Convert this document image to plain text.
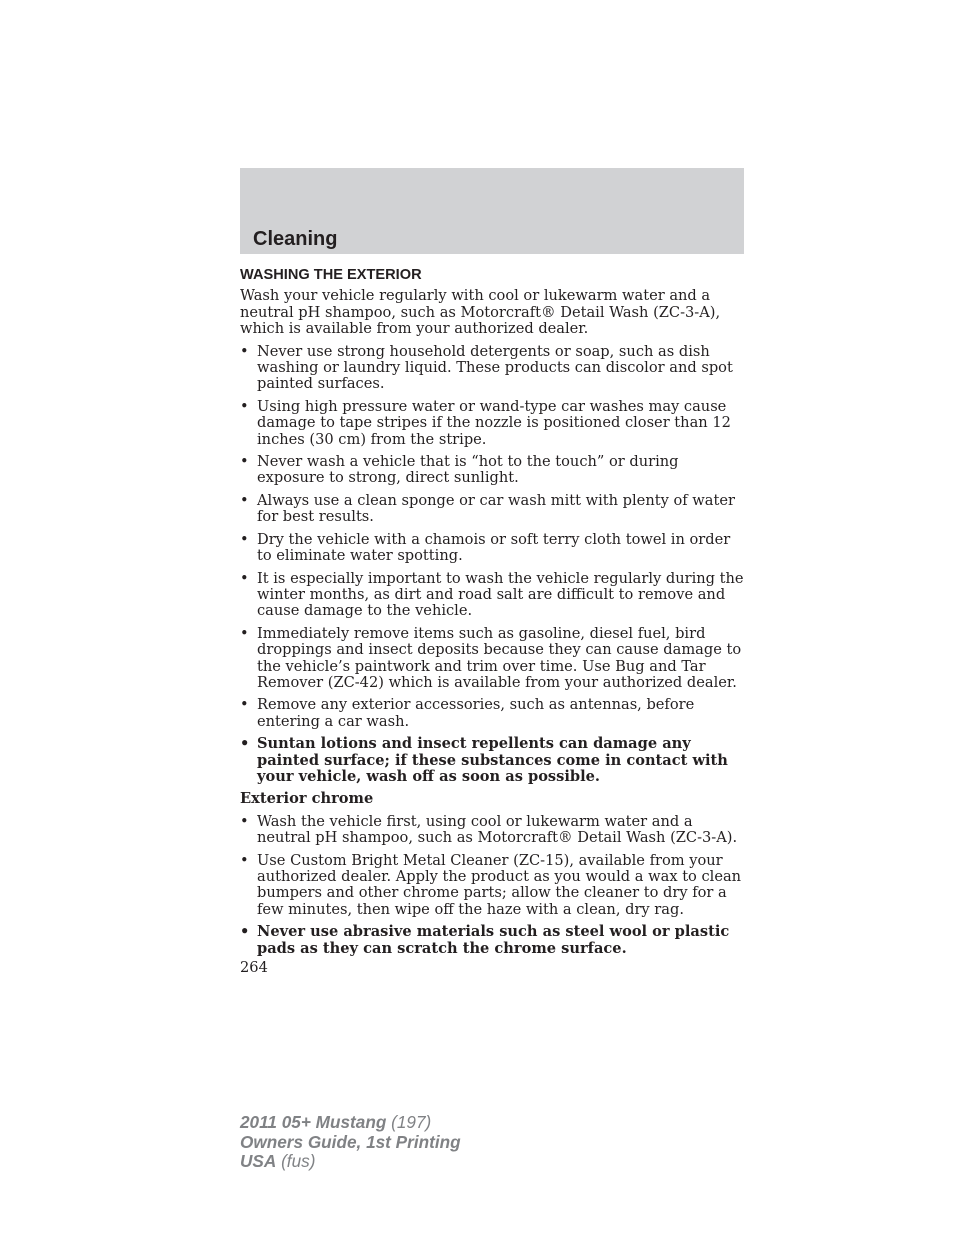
Cleaning
WASHING THE EXTERIOR

Wash your vehicle regularly with cool or lukewarm water and a neutral pH shampoo, such as Motorcraft® Detail Wash (ZC-3-A), which is available from your authorized dealer.

• Never use strong household detergents or soap, such as dish washing or laundry liquid. These products can discolor and spot painted surfaces.
• Using high pressure water or wand-type car washes may cause damage to tape stripes if the nozzle is positioned closer than 12 inches (30 cm) from the stripe.
• Never wash a vehicle that is “hot to the touch” or during exposure to strong, direct sunlight.
• Always use a clean sponge or car wash mitt with plenty of water for best results.
• Dry the vehicle with a chamois or soft terry cloth towel in order to eliminate water spotting.
• It is especially important to wash the vehicle regularly during the winter months, as dirt and road salt are difficult to remove and cause damage to the vehicle.
• Immediately remove items such as gasoline, diesel fuel, bird droppings and insect deposits because they can cause damage to the vehicle’s paintwork and trim over time. Use Bug and Tar Remover (ZC-42) which is available from your authorized dealer.
• Remove any exterior accessories, such as antennas, before entering a car wash.
• Suntan lotions and insect repellents can damage any painted surface; if these substances come in contact with your vehicle, wash off as soon as possible.

Exterior chrome

• Wash the vehicle first, using cool or lukewarm water and a neutral pH shampoo, such as Motorcraft® Detail Wash (ZC-3-A).
• Use Custom Bright Metal Cleaner (ZC-15), available from your authorized dealer. Apply the product as you would a wax to clean bumpers and other chrome parts; allow the cleaner to dry for a few minutes, then wipe off the haze with a clean, dry rag.
• Never use abrasive materials such as steel wool or plastic pads as they can scratch the chrome surface.

264

2011 05+ Mustang (197)
Owners Guide, 1st Printing
USA (fus)
